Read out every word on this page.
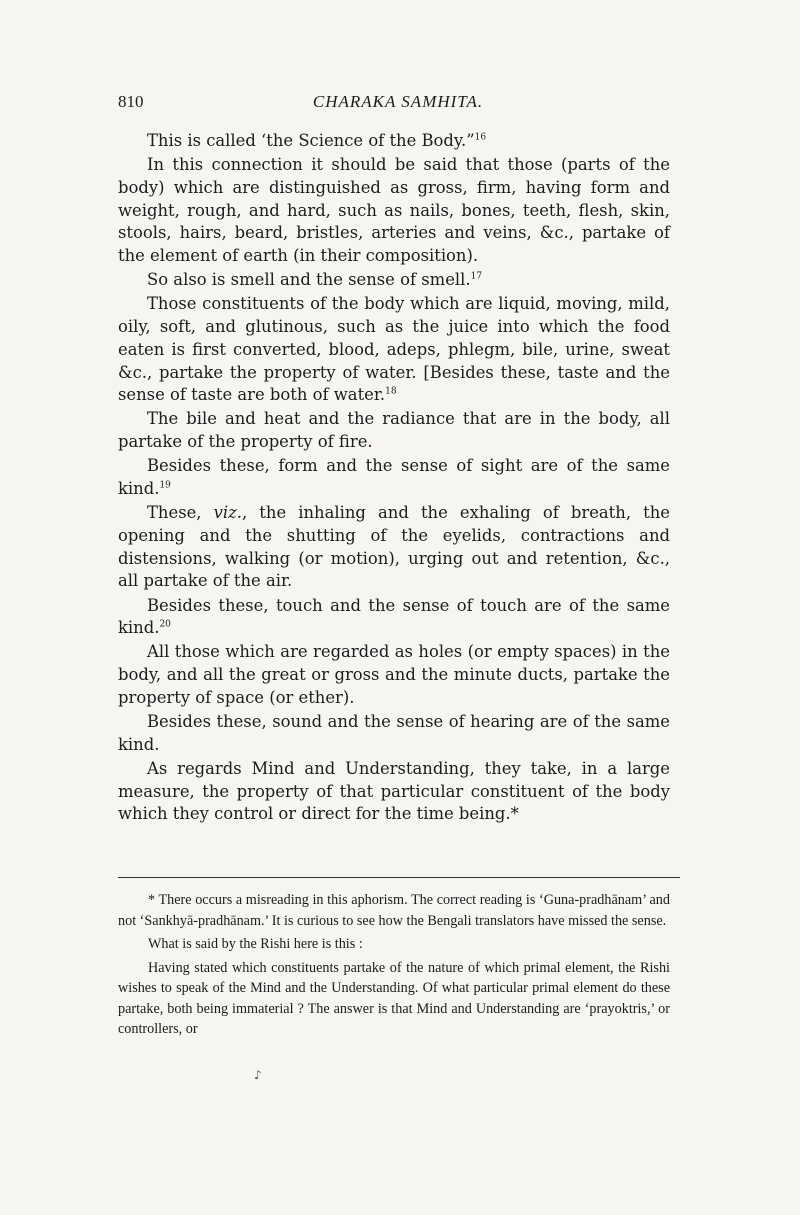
810	CHARAKA SAMHITA.

This is called ‘the Science of the Body.”$^{16}$

In this connection it should be said that those (parts of the body) which are distinguished as gross, firm, having form and weight, rough, and hard, such as nails, bones, teeth, flesh, skin, stools, hairs, beard, bristles, arteries and veins, &c., partake of the element of earth (in their composition).

So also is smell and the sense of smell.$^{17}$

Those constituents of the body which are liquid, moving, mild, oily, soft, and glutinous, such as the juice into which the food eaten is first converted, blood, adeps, phlegm, bile, urine, sweat &c., partake the property of water. [Besides these, taste and the sense of taste are both of water.$^{18}$

The bile and heat and the radiance that are in the body, all partake of the property of fire.

Besides these, form and the sense of sight are of the same kind.$^{19}$

These, viz., the inhaling and the exhaling of breath, the opening and the shutting of the eyelids, contractions and distensions, walking (or motion), urging out and retention, &c., all partake of the air.

Besides these, touch and the sense of touch are of the same kind.$^{20}$

All those which are regarded as holes (or empty spaces) in the body, and all the great or gross and the minute ducts, partake the property of space (or ether).

Besides these, sound and the sense of hearing are of the same kind.

As regards Mind and Understanding, they take, in a large measure, the property of that particular constituent of the body which they control or direct for the time being.*

* There occurs a misreading in this aphorism. The correct reading is ‘Guna-pradhānam’ and not ‘Sankhyā-pradhānam.’ It is curious to see how the Bengali translators have missed the sense.

What is said by the Rishi here is this :

Having stated which constituents partake of the nature of which primal element, the Rishi wishes to speak of the Mind and the Understanding. Of what particular primal element do these partake, both being immaterial ? The answer is that Mind and Understanding are ‘prayoktris,’ or controllers, or

♪
